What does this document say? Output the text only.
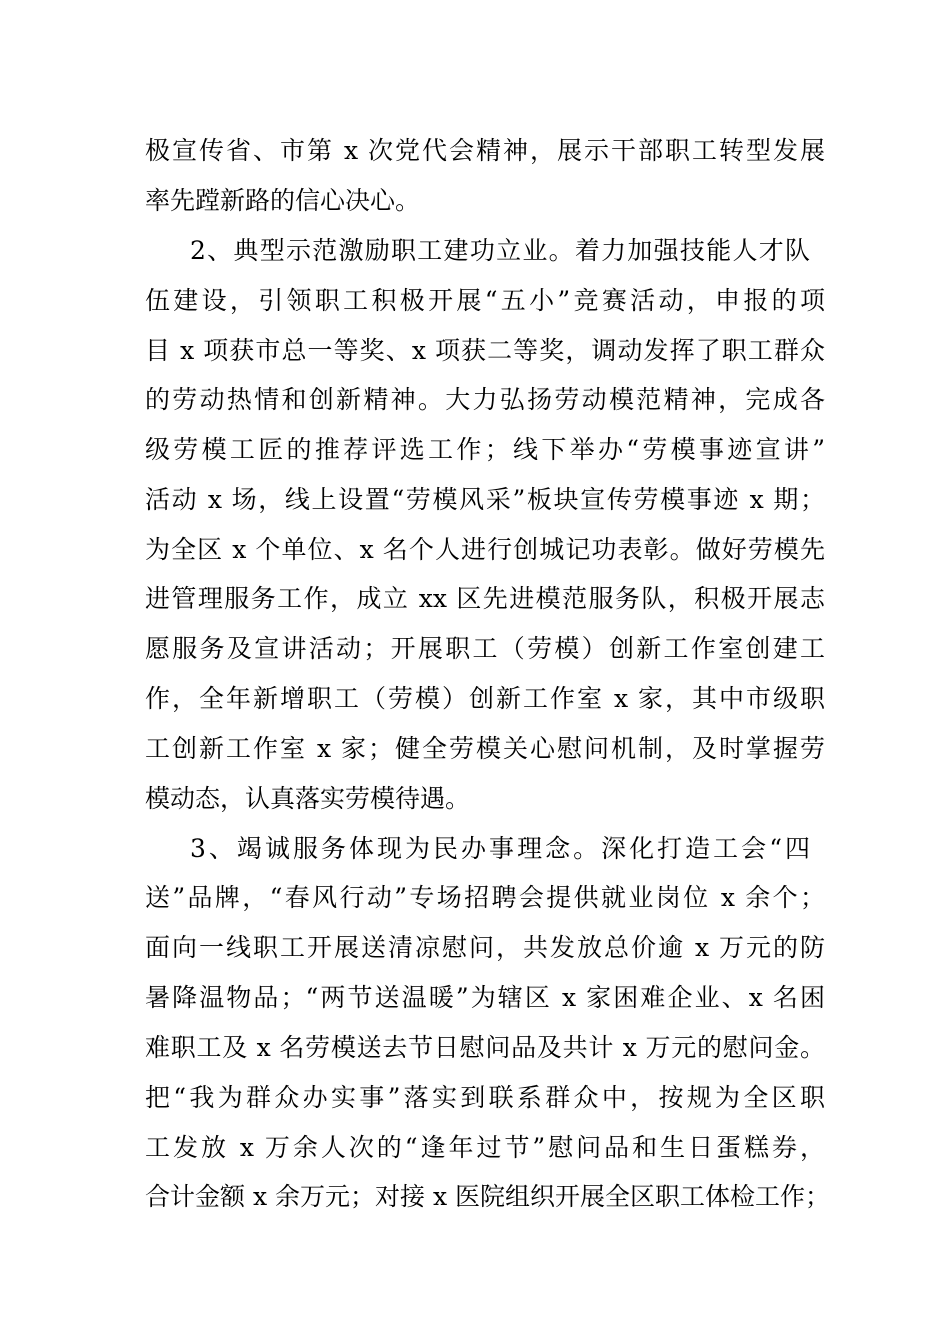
极宣传省、市第 x 次党代会精神，展示干部职工转型发展
率先蹚新路的信心决心。
2、典型示范激励职工建功立业。着力加强技能人才队
伍建设，引领职工积极开展“五小”竞赛活动，申报的项
目 x 项获市总一等奖、x 项获二等奖，调动发挥了职工群众
的劳动热情和创新精神。大力弘扬劳动模范精神，完成各
级劳模工匠的推荐评选工作；线下举办“劳模事迹宣讲”
活动 x 场，线上设置“劳模风采”板块宣传劳模事迹 x 期；
为全区 x 个单位、x 名个人进行创城记功表彰。做好劳模先
进管理服务工作，成立 xx 区先进模范服务队，积极开展志
愿服务及宣讲活动；开展职工（劳模）创新工作室创建工
作，全年新增职工（劳模）创新工作室 x 家，其中市级职
工创新工作室 x 家；健全劳模关心慰问机制，及时掌握劳
模动态，认真落实劳模待遇。
3、竭诚服务体现为民办事理念。深化打造工会“四
送”品牌，“春风行动”专场招聘会提供就业岗位 x 余个；
面向一线职工开展送清凉慰问，共发放总价逾 x 万元的防
暑降温物品；“两节送温暖”为辖区 x 家困难企业、x 名困
难职工及 x 名劳模送去节日慰问品及共计 x 万元的慰问金。
把“我为群众办实事”落实到联系群众中，按规为全区职
工发放 x 万余人次的“逢年过节”慰问品和生日蛋糕券，
合计金额 x 余万元；对接 x 医院组织开展全区职工体检工作；
